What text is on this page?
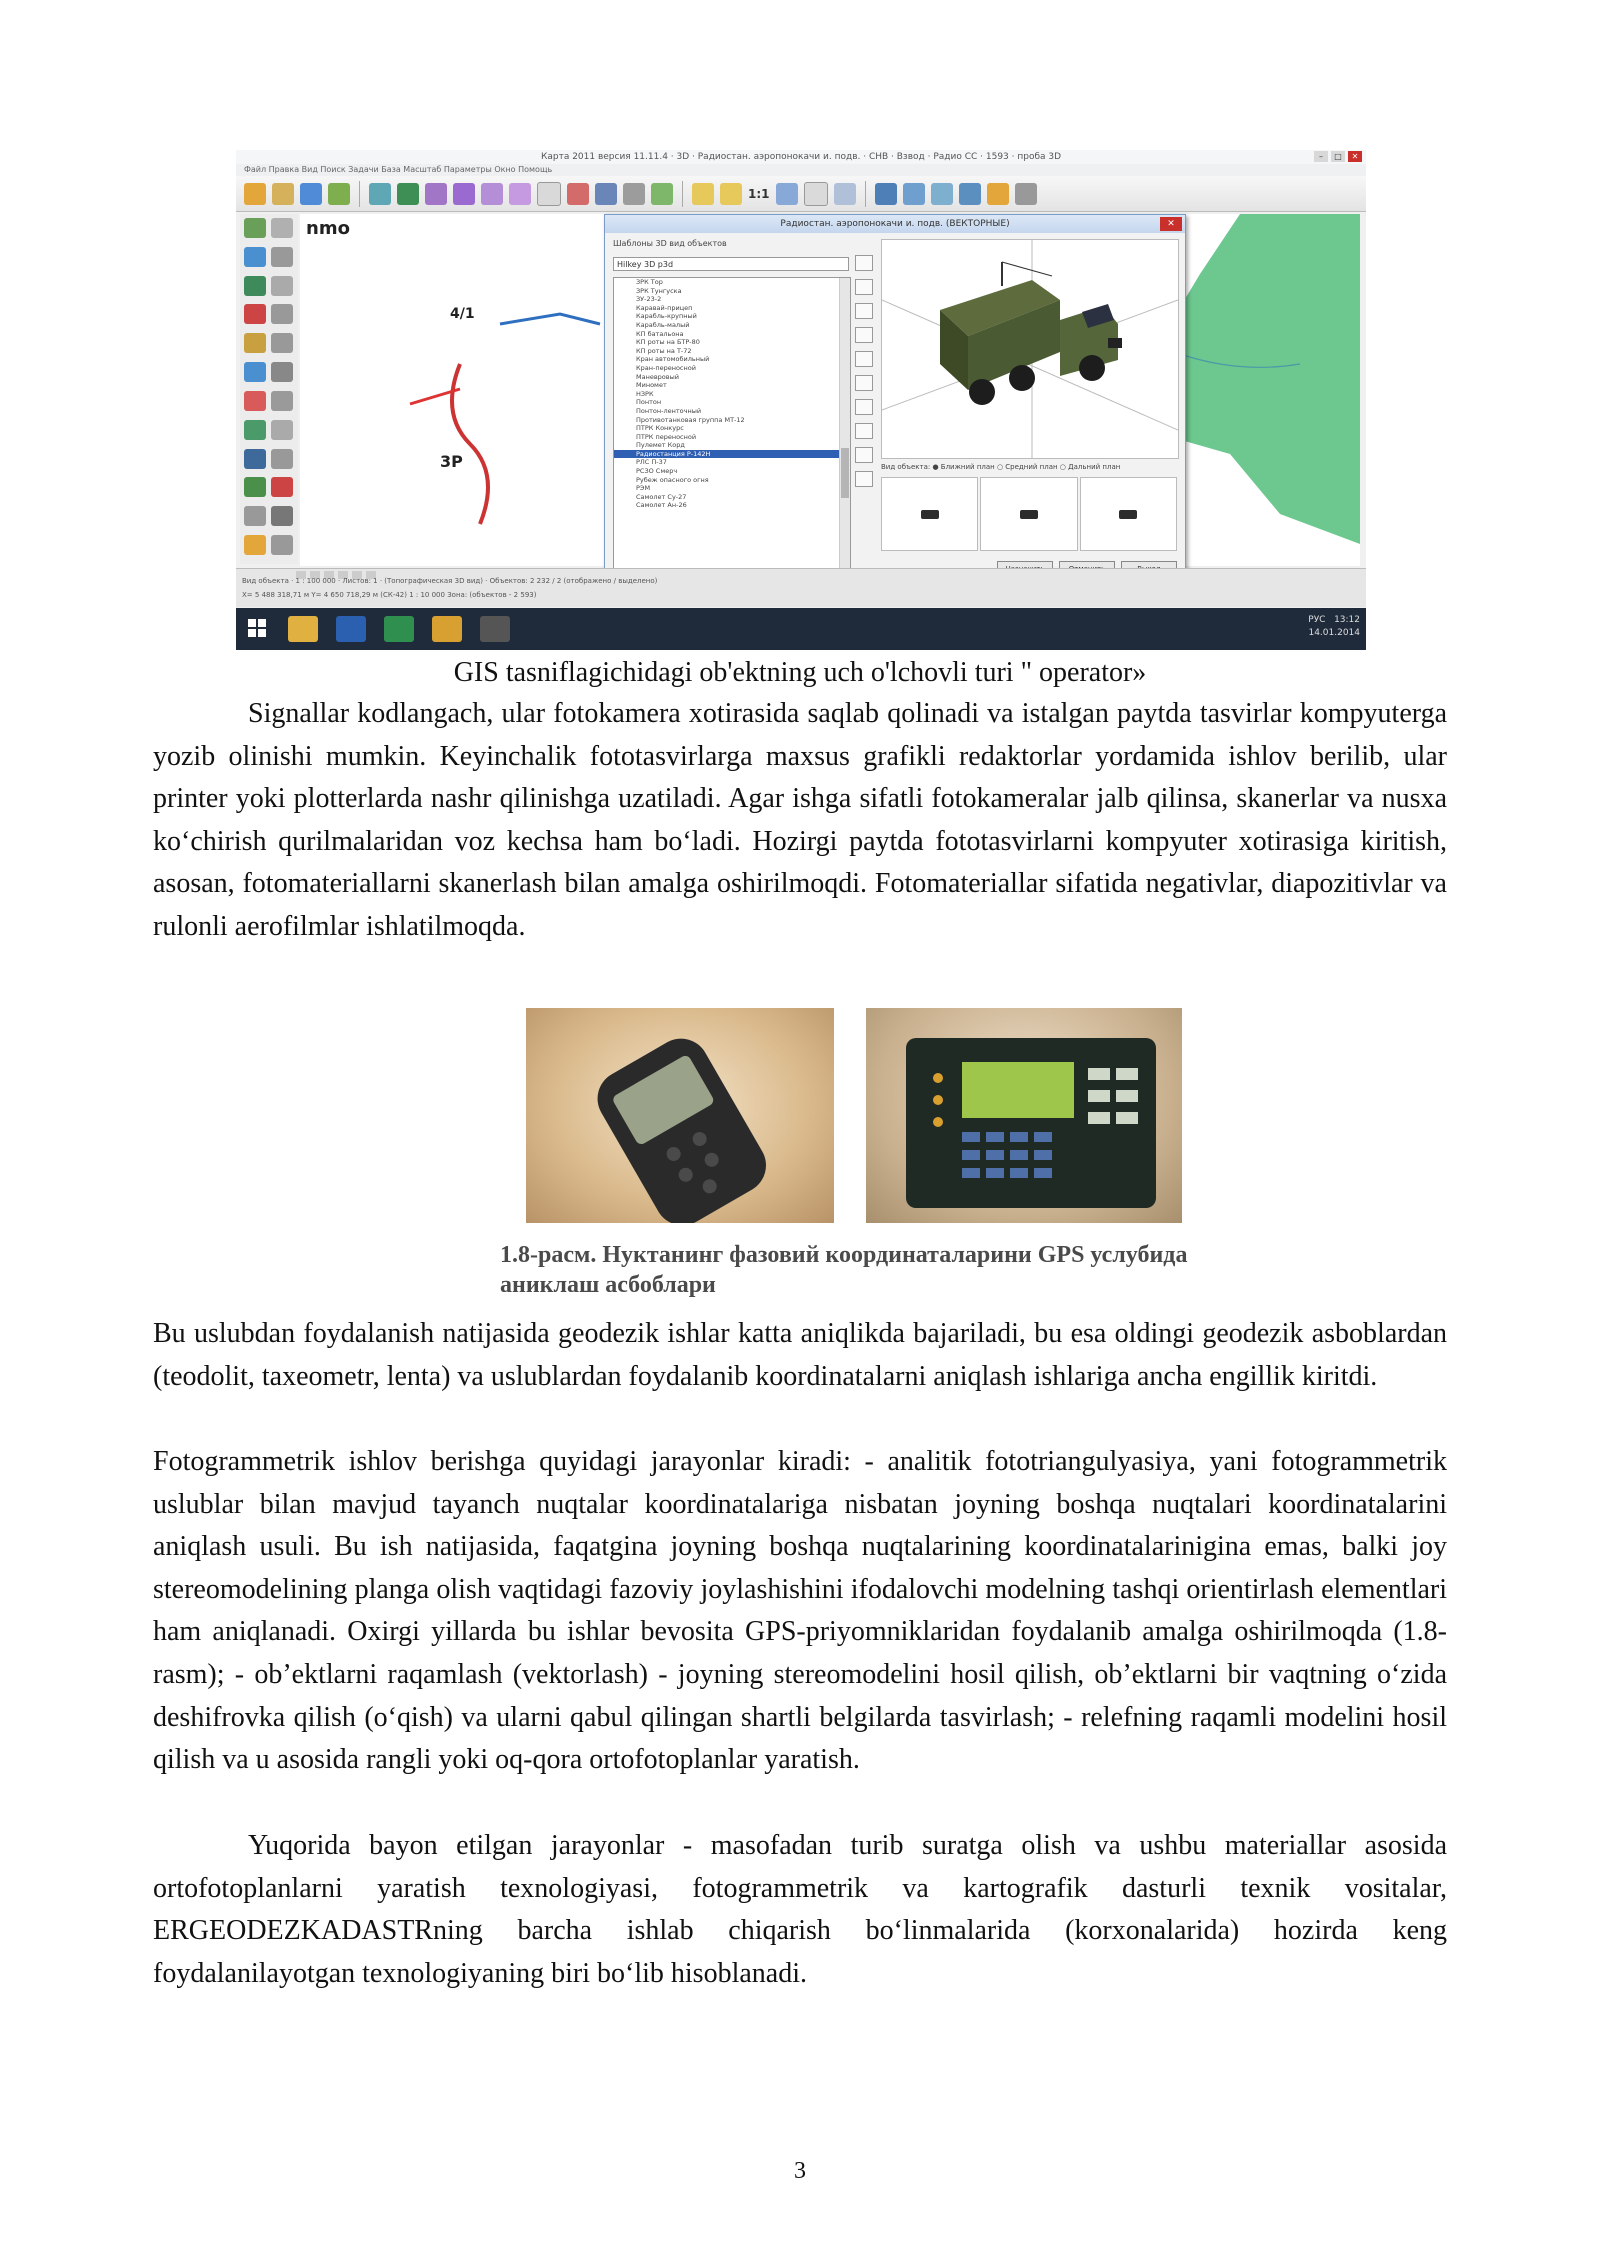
Карта 2011 версия 11.11.4 · 3D · Радиостан. аэропонокачи и. подв. · СНВ · Взвод · Радио CC · 1593 · проба 3D	–	□	✕
Файл Правка Вид Поиск Задачи База Масштаб Параметры Окно Помощь
1:1
nmo
4/1
3P
Радиостан. аэропонокачи и. подв. (ВЕКТОРНЫЕ)	✕
Шаблоны 3D вид объектов
Hilkey 3D p3d
ЗРК Тор
ЗРК Тунгуска
ЗУ-23-2
Каравай-прицеп
Карабль-крупный
Карабль-малый
КП батальона
КП роты на БТР-80
КП роты на Т-72
Кран автомобильный
Кран-переносной
Маневровый
Миномет
НЗРК
Понтон
Понтон-ленточный
Противотанковая группа МТ-12
ПТРК Конкурс
ПТРК переносной
Пулемет Корд
Радиостанция Р-142Н
РЛС П-37
РСЗО Смерч
Рубеж опасного огня
РЭМ
Самолет Су-27
Самолет Ан-26
Вид объекта: ● Ближний план ○ Средний план ○ Дальний план
Вид объекта · 1 : 100 000 · Листов: 1 · (Топографическая 3D вид) · Объектов: 2 232 / 2 (отображено / выделено)
X= 5 488 318,71 м Y= 4 650 718,29 м (СК-42) 1 : 10 000 Зона: (объектов - 2 593)
РУС 13:12
14.01.2014
GIS tasniflagichidagi ob'ektning uch o'lchovli turi " operator»

Signallar kodlangach, ular fotokamera xotirasida saqlab qolinadi va istalgan paytda tasvirlar kompyuterga yozib olinishi mumkin. Keyinchalik fototasvirlarga maxsus grafikli redaktorlar yordamida ishlov berilib, ular printer yoki plotterlarda nashr qilinishga uzatiladi. Agar ishga sifatli fotokameralar jalb qilinsa, skanerlar va nusxa ko‘chirish qurilmalaridan voz kechsa ham bo‘ladi. Hozirgi paytda fototasvirlarni kompyuter xotirasiga kiritish, asosan, fotomateriallarni skanerlash bilan amalga oshirilmoqdi. Fotomateriallar sifatida negativlar, diapozitivlar va rulonli aerofilmlar ishlatilmoqda.

1.8-расм. Нуктанинг фазовий координаталарини GPS услубида аниклаш асбоблари

Bu uslubdan foydalanish natijasida geodezik ishlar katta aniqlikda bajariladi, bu esa oldingi geodezik asboblardan (teodolit, taxeometr, lenta) va uslublardan foydalanib koordinatalarni aniqlash ishlariga ancha engillik kiritdi.

Fotogrammetrik ishlov berishga quyidagi jarayonlar kiradi: - analitik fototriangulyasiya, yani fotogrammetrik uslublar bilan mavjud tayanch nuqtalar koordinatalariga nisbatan joyning boshqa nuqtalari koordinatalarini aniqlash usuli. Bu ish natijasida, faqatgina joyning boshqa nuqtalarining koordinatalarinigina emas, balki joy stereomodelining planga olish vaqtidagi fazoviy joylashishini ifodalovchi modelning tashqi orientirlash elementlari ham aniqlanadi. Oxirgi yillarda bu ishlar bevosita GPS-priyomniklaridan foydalanib amalga oshirilmoqda (1.8-rasm); - ob’ektlarni raqamlash (vektorlash) - joyning stereomodelini hosil qilish, ob’ektlarni bir vaqtning o‘zida deshifrovka qilish (o‘qish) va ularni qabul qilingan shartli belgilarda tasvirlash; - relefning raqamli modelini hosil qilish va u asosida rangli yoki oq-qora ortofotoplanlar yaratish.

Yuqorida bayon etilgan jarayonlar - masofadan turib suratga olish va ushbu materiallar asosida ortofotoplanlarni yaratish texnologiyasi, fotogrammetrik va kartografik dasturli texnik vositalar, ERGEODEZKADASTRning barcha ishlab chiqarish bo‘linmalarida (korxonalarida) hozirda keng foydalanilayotgan texnologiyaning biri bo‘lib hisoblanadi.

3
